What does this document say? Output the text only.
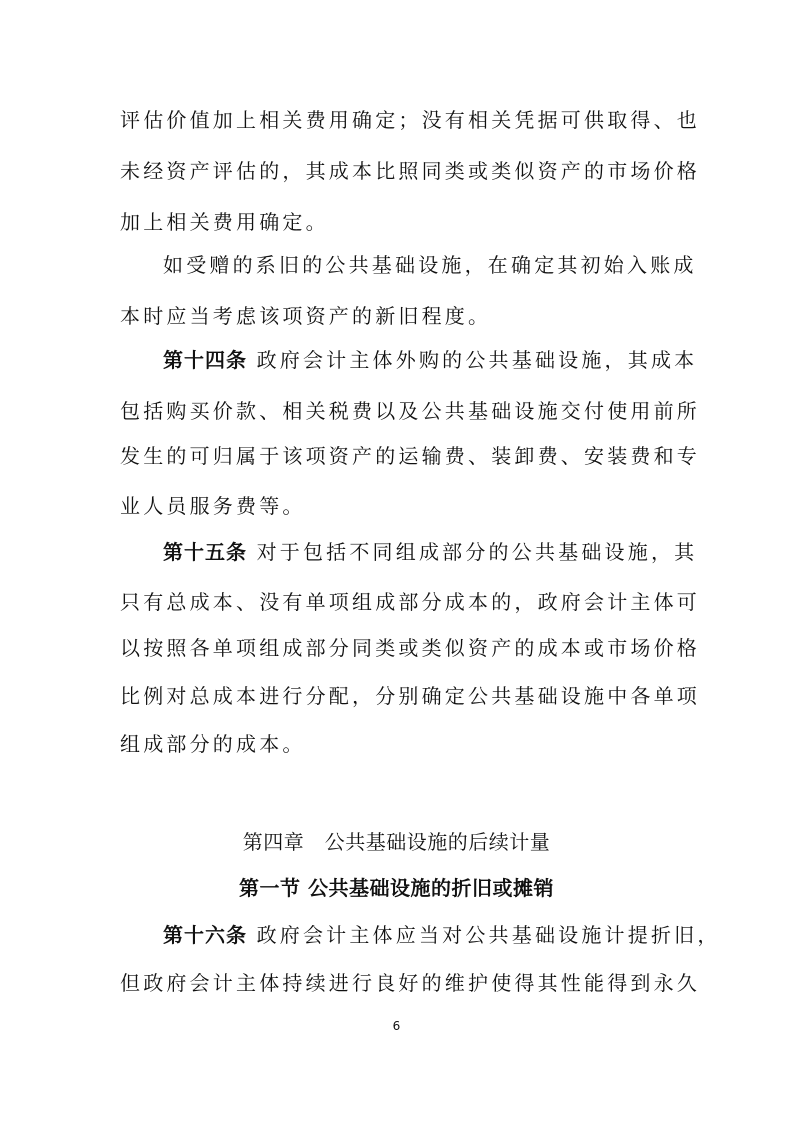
评估价值加上相关费用确定；没有相关凭据可供取得、也
未经资产评估的，其成本比照同类或类似资产的市场价格
加上相关费用确定。
如受赠的系旧的公共基础设施，在确定其初始入账成
本时应当考虑该项资产的新旧程度。
第十四条 政府会计主体外购的公共基础设施，其成本
包括购买价款、相关税费以及公共基础设施交付使用前所
发生的可归属于该项资产的运输费、装卸费、安装费和专
业人员服务费等。
第十五条 对于包括不同组成部分的公共基础设施，其
只有总成本、没有单项组成部分成本的，政府会计主体可
以按照各单项组成部分同类或类似资产的成本或市场价格
比例对总成本进行分配，分别确定公共基础设施中各单项
组成部分的成本。
第四章　公共基础设施的后续计量
第一节 公共基础设施的折旧或摊销
第十六条 政府会计主体应当对公共基础设施计提折旧，
但政府会计主体持续进行良好的维护使得其性能得到永久
6
